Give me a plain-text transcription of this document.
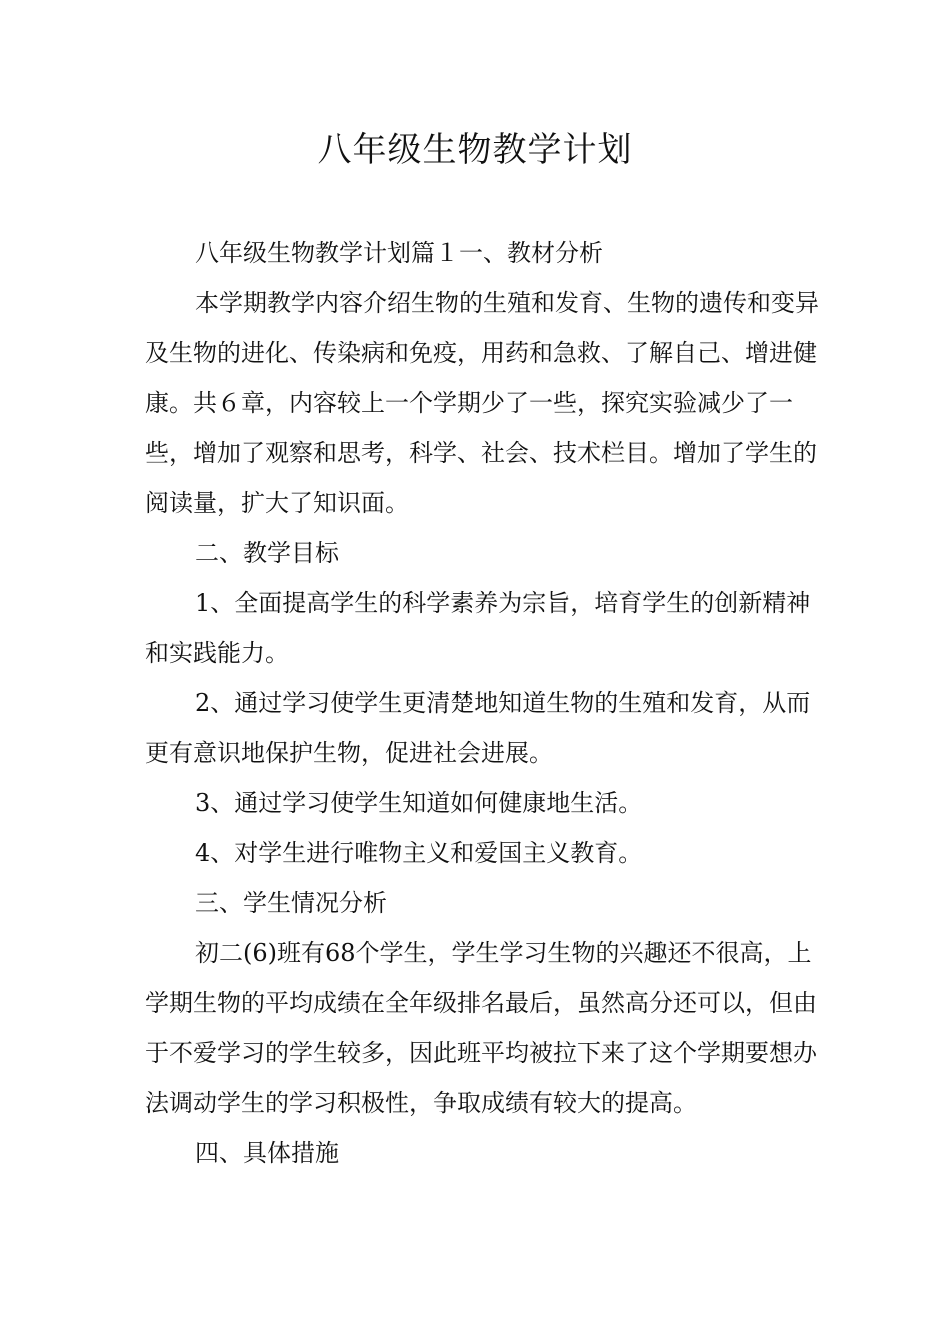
八年级生物教学计划

八年级生物教学计划篇１一、教材分析

本学期教学内容介绍生物的生殖和发育、生物的遗传和变异及生物的进化、传染病和免疫，用药和急救、了解自己、增进健康。共６章，内容较上一个学期少了一些，探究实验减少了一些，增加了观察和思考，科学、社会、技术栏目。增加了学生的阅读量，扩大了知识面。

二、教学目标

1、全面提高学生的科学素养为宗旨，培育学生的创新精神和实践能力。

2、通过学习使学生更清楚地知道生物的生殖和发育，从而更有意识地保护生物，促进社会进展。

3、通过学习使学生知道如何健康地生活。

4、对学生进行唯物主义和爱国主义教育。

三、学生情况分析

初二(6)班有68个学生，学生学习生物的兴趣还不很高，上学期生物的平均成绩在全年级排名最后，虽然高分还可以，但由于不爱学习的学生较多，因此班平均被拉下来了这个学期要想办法调动学生的学习积极性，争取成绩有较大的提高。

四、具体措施
